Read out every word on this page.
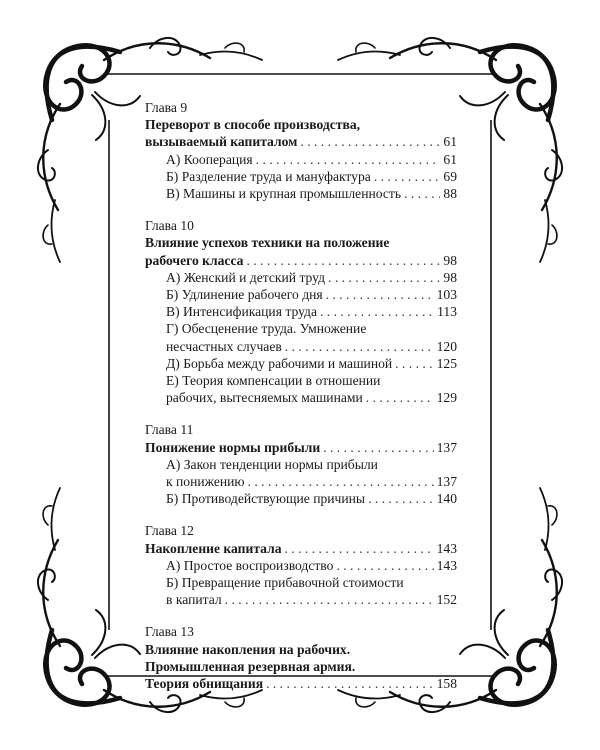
Глава 9
Переворот в способе производства,
вызываемый капиталом . . .	61
А) Кооперация . . .	61
Б) Разделение труда и мануфактура . . .	69
В) Машины и крупная промышленность . . .	88
Глава 10
Влияние успехов техники на положение
рабочего класса . . .	98
А) Женский и детский труд . . .	98
Б) Удлинение рабочего дня . . .	103
В) Интенсификация труда . . .	113
Г) Обесценение труда. Умножение
несчастных случаев . . .	120
Д) Борьба между рабочими и машиной . . .	125
Е) Теория компенсации в отношении
рабочих, вытесняемых машинами . . .	129
Глава 11
Понижение нормы прибыли . . .	137
А) Закон тенденции нормы прибыли
к понижению . . .	137
Б) Противодействующие причины . . .	140
Глава 12
Накопление капитала . . .	143
А) Простое воспроизводство . . .	143
Б) Превращение прибавочной стоимости
в капитал . . .	152
Глава 13
Влияние накопления на рабочих.
Промышленная резервная армия.
Теория обнищания . . .	158
